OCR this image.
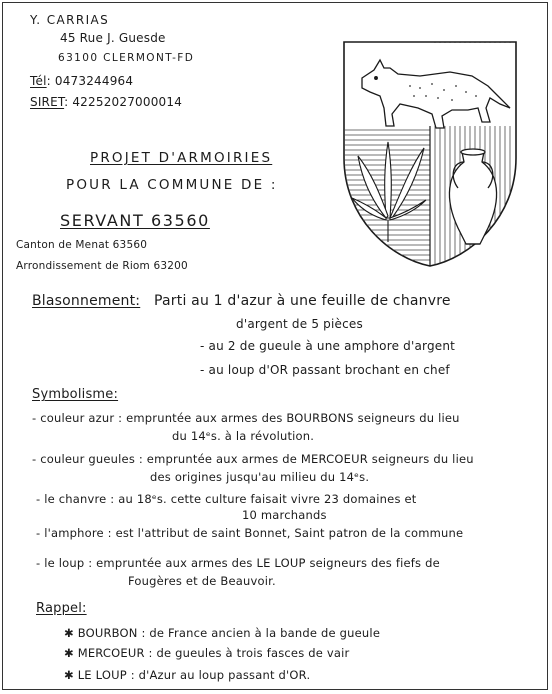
Y. CARRIAS
45 Rue J. Guesde
63100 CLERMONT-FD
Tél: 0473244964
SIRET: 42252027000014
PROJET D'ARMOIRIES
POUR LA COMMUNE DE :
SERVANT 63560
Canton de Menat 63560
Arrondissement de Riom 63200
Blasonnement: Parti au 1 d'azur à une feuille de chanvre
d'argent de 5 pièces
- au 2 de gueule à une amphore d'argent
- au loup d'OR passant brochant en chef
Symbolisme:
- couleur azur : empruntée aux armes des BOURBONS seigneurs du lieu
du 14ᵉs. à la révolution.
- couleur gueules : empruntée aux armes de MERCOEUR seigneurs du lieu
des origines jusqu'au milieu du 14ᵉs.
- le chanvre : au 18ᵉs. cette culture faisait vivre 23 domaines et
10 marchands
- l'amphore : est l'attribut de saint Bonnet, Saint patron de la commune
- le loup : empruntée aux armes des LE LOUP seigneurs des fiefs de
Fougères et de Beauvoir.
Rappel:
✱ BOURBON : de France ancien à la bande de gueule
✱ MERCOEUR : de gueules à trois fasces de vair
✱ LE LOUP : d'Azur au loup passant d'OR.
